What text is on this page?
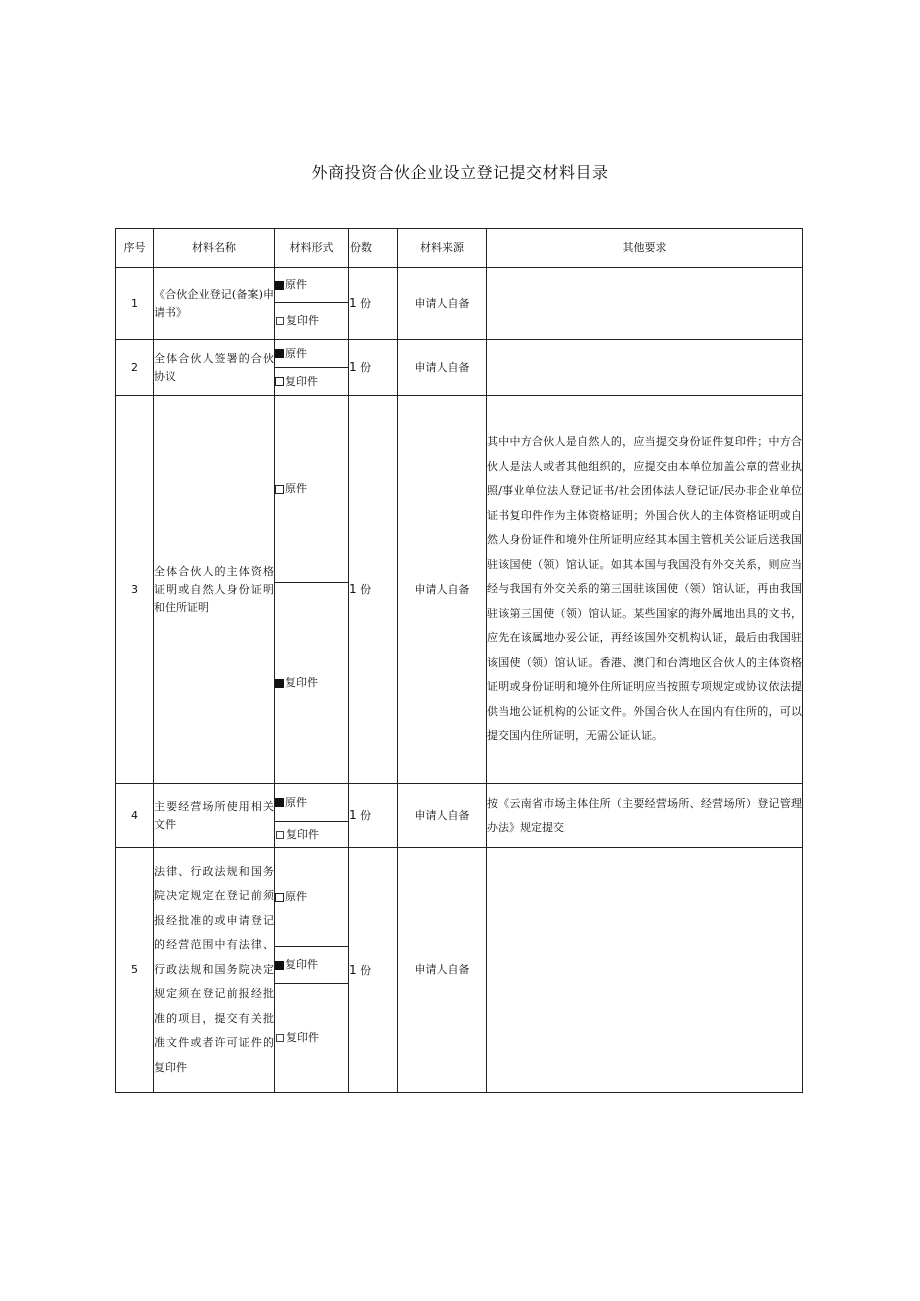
外商投资合伙企业设立登记提交材料目录
序号	材料名称	材料形式	份数	材料来源	其他要求
1	《合伙企业登记(备案)申请书》	原件
复印件	1 份	申请人自备	
2	全体合伙人签署的合伙协议	原件
复印件	1 份	申请人自备	
3	全体合伙人的主体资格证明或自然人身份证明和住所证明	原件
复印件	1 份	申请人自备	其中中方合伙人是自然人的，应当提交身份证件复印件；中方合伙人是法人或者其他组织的，应提交由本单位加盖公章的营业执照/事业单位法人登记证书/社会团体法人登记证/民办非企业单位证书复印件作为主体资格证明；外国合伙人的主体资格证明或自然人身份证件和境外住所证明应经其本国主管机关公证后送我国驻该国使（领）馆认证。如其本国与我国没有外交关系，则应当经与我国有外交关系的第三国驻该国使（领）馆认证，再由我国驻该第三国使（领）馆认证。某些国家的海外属地出具的文书，应先在该属地办妥公证，再经该国外交机构认证，最后由我国驻该国使（领）馆认证。香港、澳门和台湾地区合伙人的主体资格证明或身份证明和境外住所证明应当按照专项规定或协议依法提供当地公证机构的公证文件。外国合伙人在国内有住所的，可以提交国内住所证明，无需公证认证。
4	主要经营场所使用相关文件	原件
复印件	1 份	申请人自备	按《云南省市场主体住所（主要经营场所、经营场所）登记管理办法》规定提交
5	法律、行政法规和国务院决定规定在登记前须报经批准的或申请登记的经营范围中有法律、行政法规和国务院决定规定须在登记前报经批准的项目，提交有关批准文件或者许可证件的复印件	原件
复印件
复印件	1 份	申请人自备	
